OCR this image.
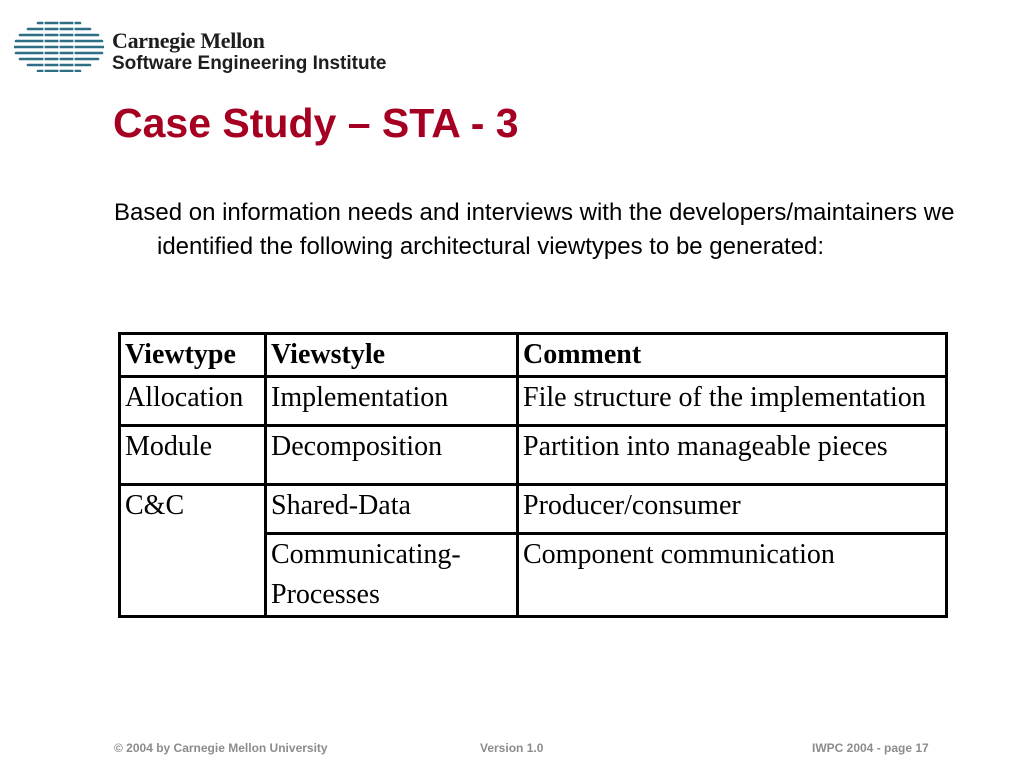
Carnegie Mellon
Software Engineering Institute
Case Study – STA - 3

Based on information needs and interviews with the developers/maintainers we identified the following architectural viewtypes to be generated:

Viewtype	Viewstyle	Comment
Allocation	Implementation	File structure of the implementation
Module	Decomposition	Partition into manageable pieces
C&C	Shared-Data	Producer/consumer
	Communicating-Processes	Component communication
© 2004 by Carnegie Mellon University	Version 1.0	IWPC 2004 - page 17
